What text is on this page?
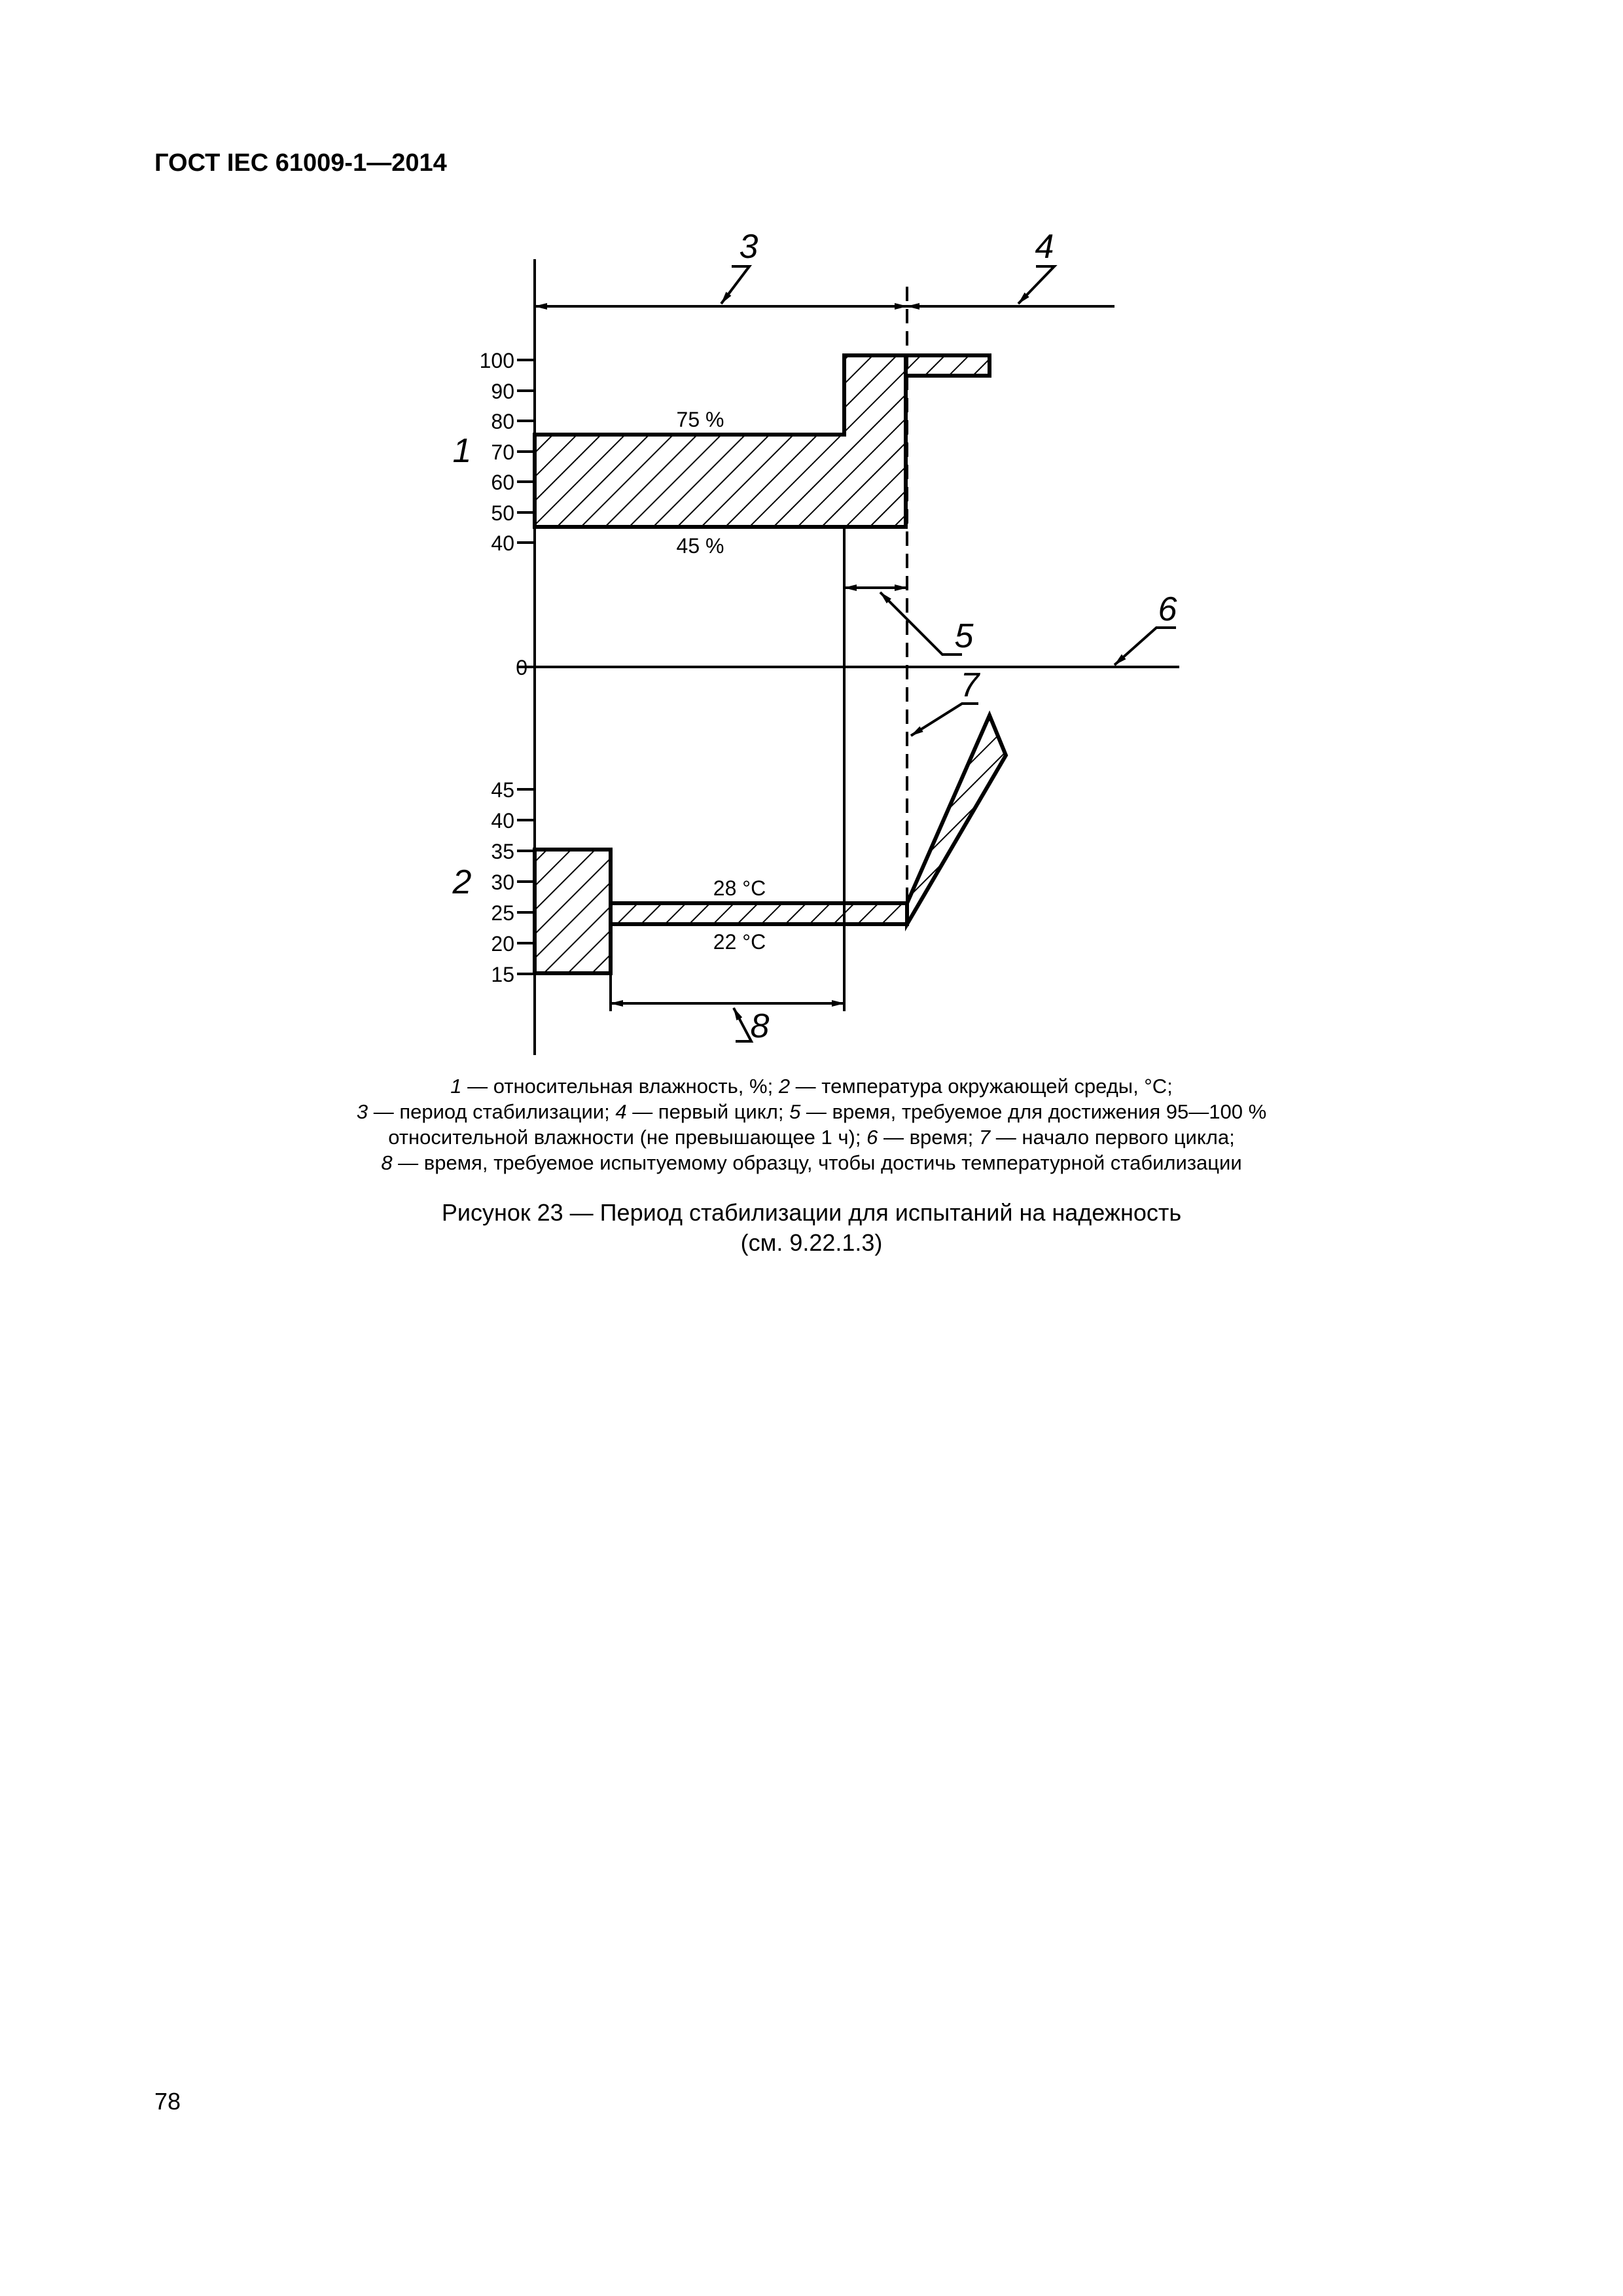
ГОСТ IEC 61009-1—2014
100
90
80
70
60
50
40
0
45
40
35
30
25
20
15
1
2
3	4
5
6
7
8
75 %
45 %
28 °C
22 °C
1 — относительная влажность, %; 2 — температура окружающей среды, °C;
3 — период стабилизации; 4 — первый цикл; 5 — время, требуемое для достижения 95—100 %
относительной влажности (не превышающее 1 ч); 6 — время; 7 — начало первого цикла;
8 — время, требуемое испытуемому образцу, чтобы достичь температурной стабилизации
Рисунок 23 — Период стабилизации для испытаний на надежность
(см. 9.22.1.3)
78
